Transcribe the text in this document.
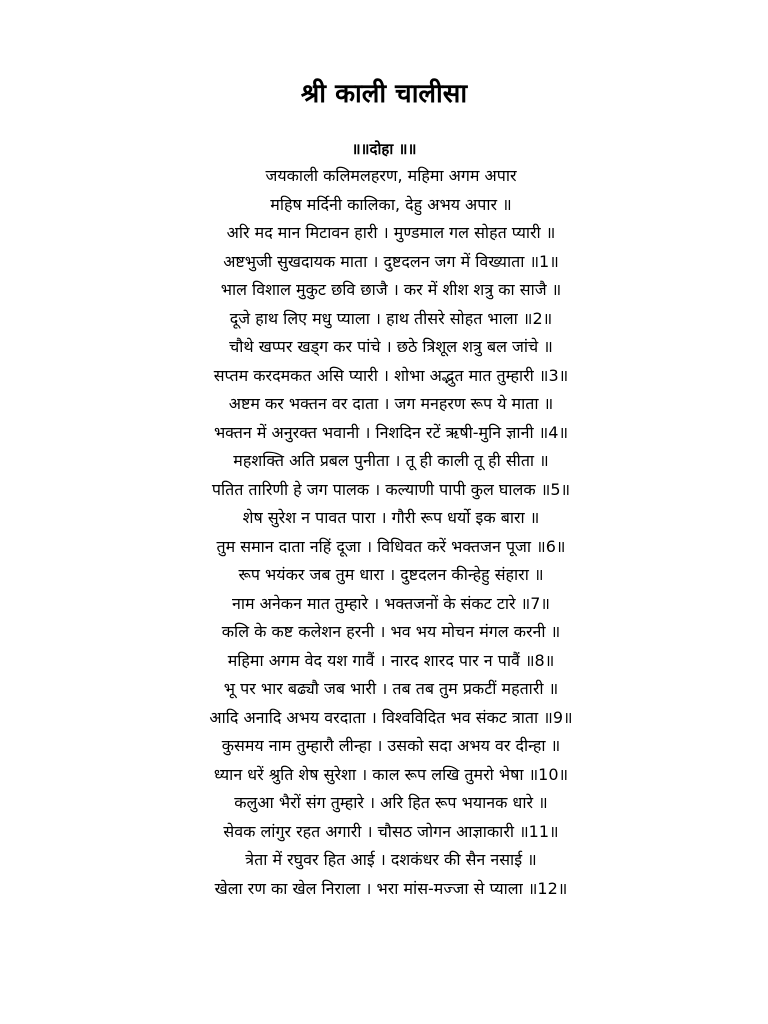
श्री काली चालीसा
॥॥दोहा ॥॥
जयकाली कलिमलहरण, महिमा अगम अपार
महिष मर्दिनी कालिका, देहु अभय अपार ॥
अरि मद मान मिटावन हारी । मुण्डमाल गल सोहत प्यारी ॥
अष्टभुजी सुखदायक माता । दुष्टदलन जग में विख्याता ॥1॥
भाल विशाल मुकुट छवि छाजै । कर में शीश शत्रु का साजै ॥
दूजे हाथ लिए मधु प्याला । हाथ तीसरे सोहत भाला ॥2॥
चौथे खप्पर खड्ग कर पांचे । छठे त्रिशूल शत्रु बल जांचे ॥
सप्तम करदमकत असि प्यारी । शोभा अद्भुत मात तुम्हारी ॥3॥
अष्टम कर भक्तन वर दाता । जग मनहरण रूप ये माता ॥
भक्तन में अनुरक्त भवानी । निशदिन रटें ऋषी-मुनि ज्ञानी ॥4॥
महशक्ति अति प्रबल पुनीता । तू ही काली तू ही सीता ॥
पतित तारिणी हे जग पालक । कल्याणी पापी कुल घालक ॥5॥
शेष सुरेश न पावत पारा । गौरी रूप धर्यो इक बारा ॥
तुम समान दाता नहिं दूजा । विधिवत करें भक्तजन पूजा ॥6॥
रूप भयंकर जब तुम धारा । दुष्टदलन कीन्हेहु संहारा ॥
नाम अनेकन मात तुम्हारे । भक्तजनों के संकट टारे ॥7॥
कलि के कष्ट कलेशन हरनी । भव भय मोचन मंगल करनी ॥
महिमा अगम वेद यश गावैं । नारद शारद पार न पावैं ॥8॥
भू पर भार बढ्यौ जब भारी । तब तब तुम प्रकटीं महतारी ॥
आदि अनादि अभय वरदाता । विश्वविदित भव संकट त्राता ॥9॥
कुसमय नाम तुम्हारौ लीन्हा । उसको सदा अभय वर दीन्हा ॥
ध्यान धरें श्रुति शेष सुरेशा । काल रूप लखि तुमरो भेषा ॥10॥
कलुआ भैरों संग तुम्हारे । अरि हित रूप भयानक धारे ॥
सेवक लांगुर रहत अगारी । चौसठ जोगन आज्ञाकारी ॥11॥
त्रेता में रघुवर हित आई । दशकंधर की सैन नसाई ॥
खेला रण का खेल निराला । भरा मांस-मज्जा से प्याला ॥12॥
